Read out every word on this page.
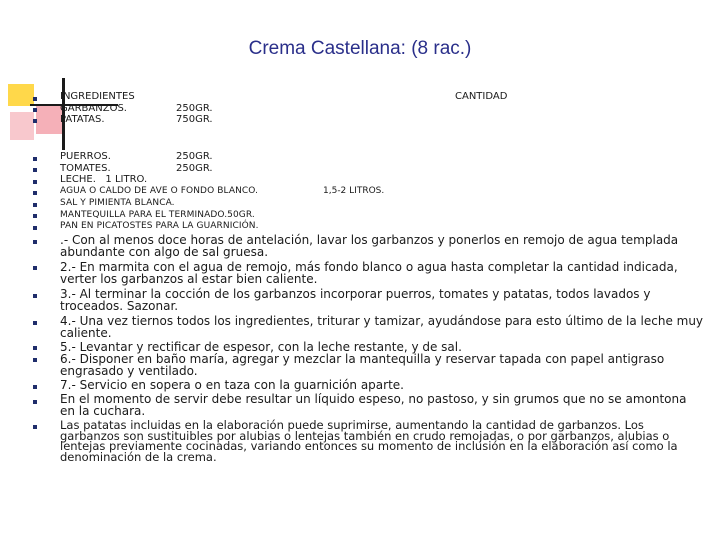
Crema Castellana: (8 rac.)
INGREDIENTES	CANTIDAD
GARBANZOS.	250GR.
PATATAS.	750GR.
PUERROS.	250GR.
TOMATES.	250GR.
LECHE.   1 LITRO.
AGUA O CALDO DE AVE O FONDO BLANCO.	1,5-2 LITROS.
SAL Y PIMIENTA BLANCA.
MANTEQUILLA PARA EL TERMINADO.50GR.
PAN EN PICATOSTES PARA LA GUARNICIÓN.
.- Con al menos doce horas de antelación, lavar los garbanzos y ponerlos en remojo de agua templada abundante con algo de sal gruesa.
2.- En marmita con el agua de remojo, más fondo blanco o agua hasta completar la cantidad indicada, verter los garbanzos al estar bien caliente.
3.- Al terminar la cocción de los garbanzos incorporar puerros, tomates y patatas, todos lavados y troceados. Sazonar.
4.- Una vez tiernos todos los ingredientes, triturar y tamizar, ayudándose para esto último de la leche muy caliente.
5.- Levantar y rectificar de espesor, con la leche restante, y de sal.
6.- Disponer en baño maría, agregar y mezclar la mantequilla y reservar tapada con papel antigraso engrasado y ventilado.
7.- Servicio en sopera o en taza con la guarnición aparte.
En el momento de servir debe resultar un líquido espeso, no pastoso, y sin grumos que no se amontona en la cuchara.
Las patatas incluidas en la elaboración puede suprimirse, aumentando la cantidad de garbanzos. Los garbanzos son sustituibles por alubias o lentejas también en crudo remojadas, o por garbanzos, alubias o lentejas previamente cocinadas, variando entonces su momento de inclusión en la elaboración así como la denominación de la crema.
